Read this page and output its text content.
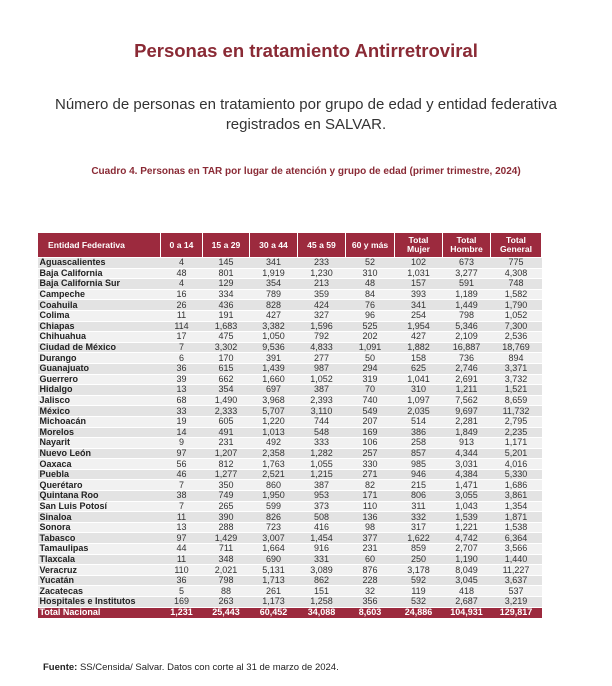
Personas en tratamiento Antirretroviral
Número de personas en tratamiento por grupo de edad y entidad federativa registrados en SALVAR.
Cuadro 4. Personas en TAR por lugar de atención y grupo de edad (primer trimestre, 2024)
Entidad Federativa	0 a 14	15 a 29	30 a 44	45 a 59	60 y más	Total Mujer	Total Hombre	Total General
Aguascalientes	4	145	341	233	52	102	673	775
Baja California	48	801	1,919	1,230	310	1,031	3,277	4,308
Baja California Sur	4	129	354	213	48	157	591	748
Campeche	16	334	789	359	84	393	1,189	1,582
Coahuila	26	436	828	424	76	341	1,449	1,790
Colima	11	191	427	327	96	254	798	1,052
Chiapas	114	1,683	3,382	1,596	525	1,954	5,346	7,300
Chihuahua	17	475	1,050	792	202	427	2,109	2,536
Ciudad de México	7	3,302	9,536	4,833	1,091	1,882	16,887	18,769
Durango	6	170	391	277	50	158	736	894
Guanajuato	36	615	1,439	987	294	625	2,746	3,371
Guerrero	39	662	1,660	1,052	319	1,041	2,691	3,732
Hidalgo	13	354	697	387	70	310	1,211	1,521
Jalisco	68	1,490	3,968	2,393	740	1,097	7,562	8,659
México	33	2,333	5,707	3,110	549	2,035	9,697	11,732
Michoacán	19	605	1,220	744	207	514	2,281	2,795
Morelos	14	491	1,013	548	169	386	1,849	2,235
Nayarit	9	231	492	333	106	258	913	1,171
Nuevo León	97	1,207	2,358	1,282	257	857	4,344	5,201
Oaxaca	56	812	1,763	1,055	330	985	3,031	4,016
Puebla	46	1,277	2,521	1,215	271	946	4,384	5,330
Querétaro	7	350	860	387	82	215	1,471	1,686
Quintana Roo	38	749	1,950	953	171	806	3,055	3,861
San Luis Potosí	7	265	599	373	110	311	1,043	1,354
Sinaloa	11	390	826	508	136	332	1,539	1,871
Sonora	13	288	723	416	98	317	1,221	1,538
Tabasco	97	1,429	3,007	1,454	377	1,622	4,742	6,364
Tamaulipas	44	711	1,664	916	231	859	2,707	3,566
Tlaxcala	11	348	690	331	60	250	1,190	1,440
Veracruz	110	2,021	5,131	3,089	876	3,178	8,049	11,227
Yucatán	36	798	1,713	862	228	592	3,045	3,637
Zacatecas	5	88	261	151	32	119	418	537
Hospitales e Institutos	169	263	1,173	1,258	356	532	2,687	3,219
Total Nacional	1,231	25,443	60,452	34,088	8,603	24,886	104,931	129,817
Fuente: SS/Censida/ Salvar. Datos con corte al 31 de marzo de 2024.
